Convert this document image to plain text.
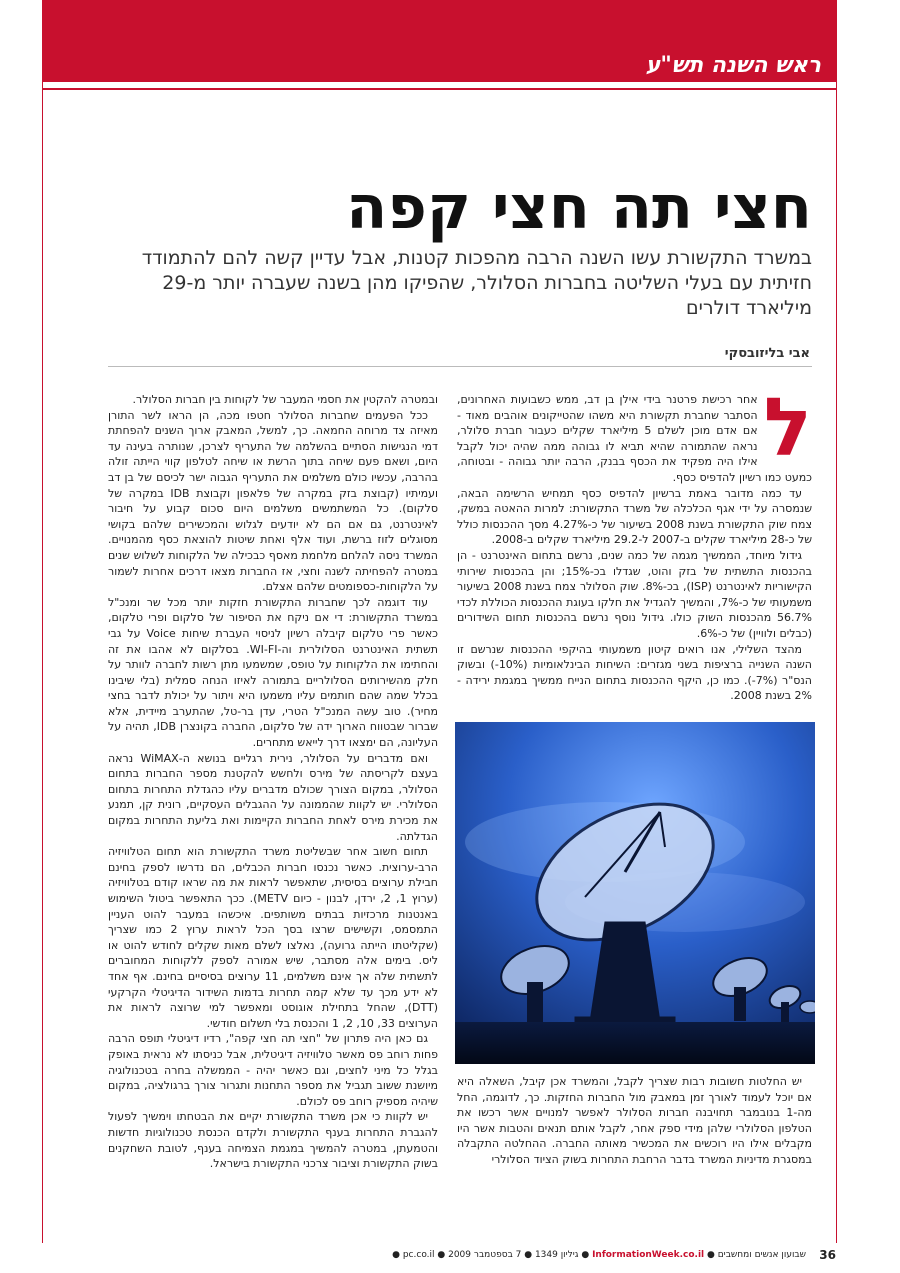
ראש השנה תש"ע
חצי תה חצי קפה
במשרד התקשורת עשו השנה הרבה מהפכות קטנות, אבל עדיין קשה להם להתמודד חזיתית עם בעלי השליטה בחברות הסלולר, שהפיקו מהן בשנה שעברה יותר מ-29 מיליארד דולרים
אבי בליזובסקי
ל

אחר רכישת פרטנר בידי אילן בן דב, ממש כשבועות האחרונים, הסתבר שחברת תקשורת היא משהו שהטייקונים אוהבים מאוד - אם אדם מוכן לשלם 5 מיליארד שקלים כעבור חברת סלולר, נראה שהתמורה שהיא תביא לו גבוהה ממה שהיה יכול לקבל אילו היה מפקיד את הכסף בבנק, הרבה יותר גבוהה - ובטוחה, כמעט כמו רשיון להדפיס כסף.

עד כמה מדובר באמת ברשיון להדפיס כסף תמחיש הרשימה הבאה, שנמסרה על ידי אגף הכלכלה של משרד התקשורת: למרות ההאטה במשק, צמח שוק התקשורת בשנת 2008 בשיעור של כ-4.27% מסך ההכנסות כולל של כ-28 מיליארד שקלים ב-2007 ל-29.2 מיליארד שקלים ב-2008.

גידול מיוחד, הממשיך מגמה של כמה שנים, נרשם בתחום האינטרנט - הן בהכנסות התשתית של בזק והוט, שגדלו בכ-15%; והן בהכנסות שירותי הקישוריות לאינטרנט (ISP), בכ-8%. שוק הסלולר צמח בשנת 2008 בשיעור משמעותי של כ-7%, והמשיך להגדיל את חלקו בעוגת ההכנסות הכוללת לכדי 56.7% מהכנסות השוק כולו. גידול נוסף נרשם בהכנסות תחום השידורים (כבלים ולוויין) של כ-6%.

מהצד השלילי, אנו רואים קיטון משמעותי בהיקפי ההכנסות שנרשם זו השנה השנייה ברציפות בשני מגזרים: השיחות הבינלאומיות (10%-) ובשוק הנס"ר (7%-). כמו כן, היקף ההכנסות בתחום הנייח ממשיך במגמת ירידה - 2% בשנת 2008.

יש החלטות חשובות רבות שצריך לקבל, והמשרד אכן קיבל, השאלה היא אם יוכל לעמוד לאורך זמן במאבק מול החברות החזקות. כך, לדוגמה, החל מה-1 בנובמבר תחויבנה חברות הסלולר לאפשר למנויים אשר רכשו את הטלפון הסלולרי שלהן מידי ספק אחר, לקבל אותם תנאים והטבות אשר היו מקבלים אילו היו רוכשים את המכשיר מאותה החברה. ההחלטה התקבלה במסגרת מדיניות המשרד בדבר הרחבת התחרות בשוק הציוד הסלולרי

ובמטרה להקטין את חסמי המעבר של לקוחות בין חברות הסלולר.

ככל הפעמים שחברות הסלולר חטפו מכה, הן הראו לשר התורן מאיזה צד מרוחה החמאה. כך, למשל, המאבק ארוך השנים להפחתת דמי הנגישות הסתיים בהשלמה של התעריף לצרכן, שנותרה בעינה עד היום, ושאם פעם שיחה בתוך הרשת או שיחה לטלפון קווי הייתה זולה בהרבה, עכשיו כולם משלמים את התעריף הגבוה ישר לכיסם של בן דב ועמיתיו (קבוצת בזק במקרה של פלאפון וקבוצת IDB במקרה של סלקום). כל המשתמשים משלמים היום סכום קבוע על חיבור לאינטרנט, גם אם הם לא יודעים לגלוש והמכשירים שלהם בקושי מסוגלים לזוז ברשת, ועוד אלף ואחת שיטות להוצאת כסף מהמנויים. המשרד ניסה להלחם מלחמת מאסף כבכילה של הלקוחות לשלוש שנים במטרה להפחיתה לשנה וחצי, אז החברות מצאו דרכים אחרות לשמור על הלקוחות-כספומטים שלהם אצלם.

עוד דוגמה לכך שחברות התקשורת חזקות יותר מכל שר ומנכ"ל במשרד התקשורת: די אם ניקח את הסיפור של סלקום ופרי טלקום, כאשר פרי טלקום קיבלה רשיון לניסוי העברת שיחות Voice על גבי תשתית האינטרנט הסלולרית וה-WI-FI. בסלקום לא אהבו את זה והחתימו את הלקוחות על טופס, שמשמעו מתן רשות לחברה לוותר על חלק מהשירותים הסלולריים בתמורה לאיזו הנחה סמלית (בלי שיבינו בכלל שמה שהם חותמים עליו משמעו היא ויתור על יכולת לדבר בחצי מחיר). טוב עשה המנכ"ל הטרי, עדן בר-טל, שהתערב מיידית, אלא שברור שבטווח הארוך ידה של סלקום, החברה בקונצרן IDB, תהיה על העליונה, הם ימצאו דרך לייאש מתחרים.

ואם מדברים על הסלולר, נירית רגליים בנושא ה-WiMAX נראה בעצם לקריסתה של מירס ולחשש להקטנת מספר החברות בתחום הסלולר, במקום הצורך שכולם מדברים עליו כהגדלת התחרות בתחום הסלולרי. יש לקוות שהממונה על ההגבלים העסקיים, רונית קן, תמנע את מכירת מירס לאחת החברות הקיימות ואת בליעת התחרות במקום הגדלתה.

תחום חשוב אחר שבשליטת משרד התקשורת הוא תחום הטלוויזיה הרב-ערוצית. כאשר נכנסו חברות הכבלים, הם נדרשו לספק בחינם חבילת ערוצים בסיסית, שתאפשר לראות את מה שראו קודם בטלוויזיה (ערוץ 1, 2, ירדן, לבנון - כיום METV). ככך התאפשר ביטול השימוש באנטנות מרכזיות בבתים משותפים. איכשהו במעבר להוט העניין התמסמס, וקשישים שרצו בסך הכל לראות ערוץ 2 כמו שצריך (שקליטתו הייתה גרועה), נאלצו לשלם מאות שקלים לחודש להוט או ליס. בימים אלה מסתבר, שיש אמורה לספק ללקוחות המחוברים לתשתית שלה אך אינם משלמים, 11 ערוצים בסיסיים בחינם. אף אחד לא ידע מכך עד שלא קמה תחרות בדמות השידור הדיגיטלי הקרקעי (DTT), שהחל בתחילת אוגוסט ומאפשר למי שרוצה לראות את הערוצים 33, 10, 2, 1 והכנסת בלי תשלום חודשי.

גם כאן היה פתרון של "חצי תה חצי קפה", רדיו דיגיטלי תופס הרבה פחות רוחב פס מאשר טלוויזיה דיגיטלית, אבל כניסתו לא נראית באופק בגלל כל מיני לחצים, וגם כאשר יהיה - הממשלה בחרה בטכנולוגיה מיושנת ששוב תגביל את מספר התחנות ותגרור צורך ברגולציה, במקום שיהיה מספיק רוחב פס לכולם.

יש לקוות כי אכן משרד התקשורת יקיים את הבטחתו וימשיך לפעול להגברת התחרות בענף התקשורת ולקדם הכנסת טכנולוגיות חדשות והטמעתן, במטרה להמשיך במגמת הצמיחה בענף, לטובת השחקנים בשוק התקשורת וציבור צרכני התקשורת בישראל.

36
שבועון אנשים ומחשבים ● InformationWeek.co.il ● גיליון 1349 ● 7 בספטמבר 2009 ● pc.co.il ●
